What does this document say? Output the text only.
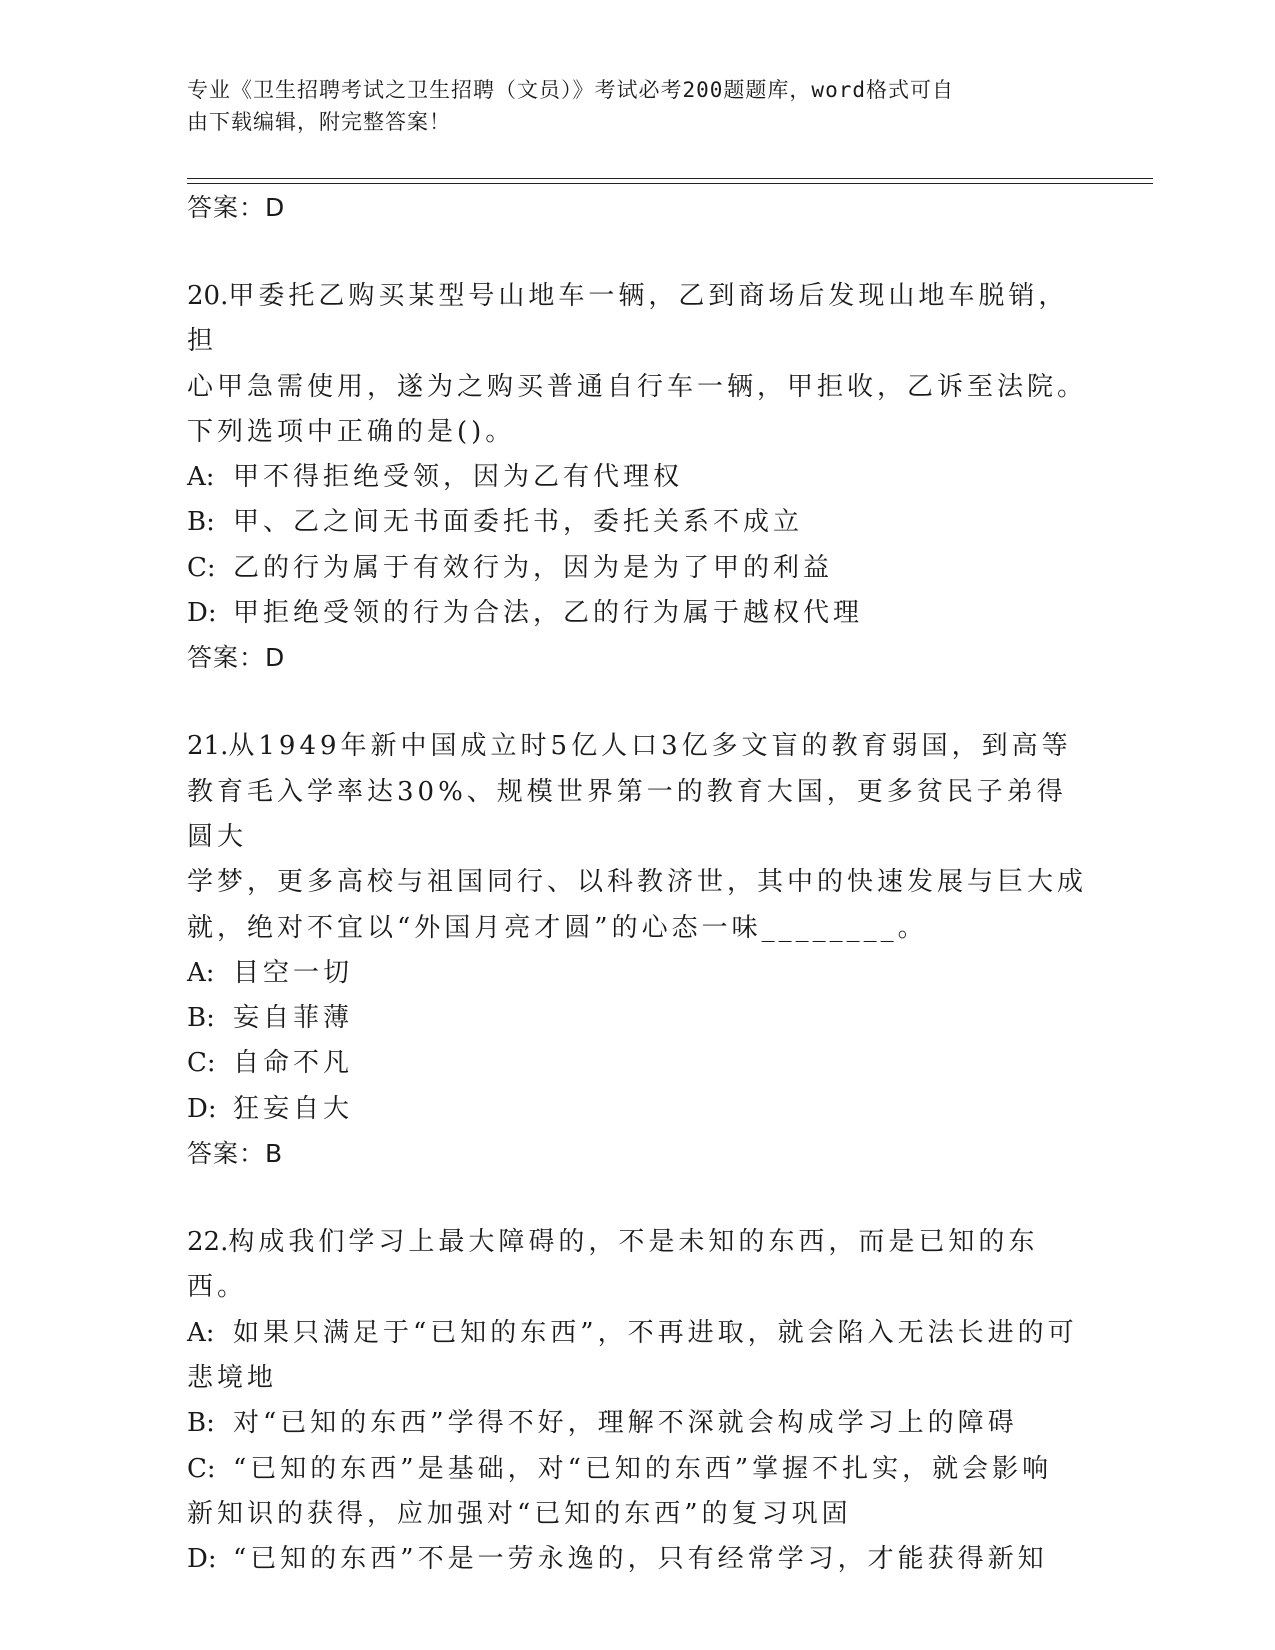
专业《卫生招聘考试之卫生招聘（文员）》考试必考200题题库，word格式可自
由下载编辑，附完整答案！
答案：D
20.甲委托乙购买某型号山地车一辆，乙到商场后发现山地车脱销，担
心甲急需使用，遂为之购买普通自行车一辆，甲拒收，乙诉至法院。
下列选项中正确的是()。
A: 甲不得拒绝受领，因为乙有代理权
B: 甲、乙之间无书面委托书，委托关系不成立
C: 乙的行为属于有效行为，因为是为了甲的利益
D: 甲拒绝受领的行为合法，乙的行为属于越权代理
答案：D
21.从1949年新中国成立时5亿人口3亿多文盲的教育弱国，到高等
教育毛入学率达30%、规模世界第一的教育大国，更多贫民子弟得圆大
学梦，更多高校与祖国同行、以科教济世，其中的快速发展与巨大成
就，绝对不宜以“外国月亮才圆”的心态一味________。
A: 目空一切
B: 妄自菲薄
C: 自命不凡
D: 狂妄自大
答案：B
22.构成我们学习上最大障碍的，不是未知的东西，而是已知的东西。
A: 如果只满足于“已知的东西”，不再进取，就会陷入无法长进的可
悲境地
B: 对“已知的东西”学得不好，理解不深就会构成学习上的障碍
C: “已知的东西”是基础，对“已知的东西”掌握不扎实，就会影响
新知识的获得，应加强对“已知的东西”的复习巩固
D: “已知的东西”不是一劳永逸的，只有经常学习，才能获得新知
